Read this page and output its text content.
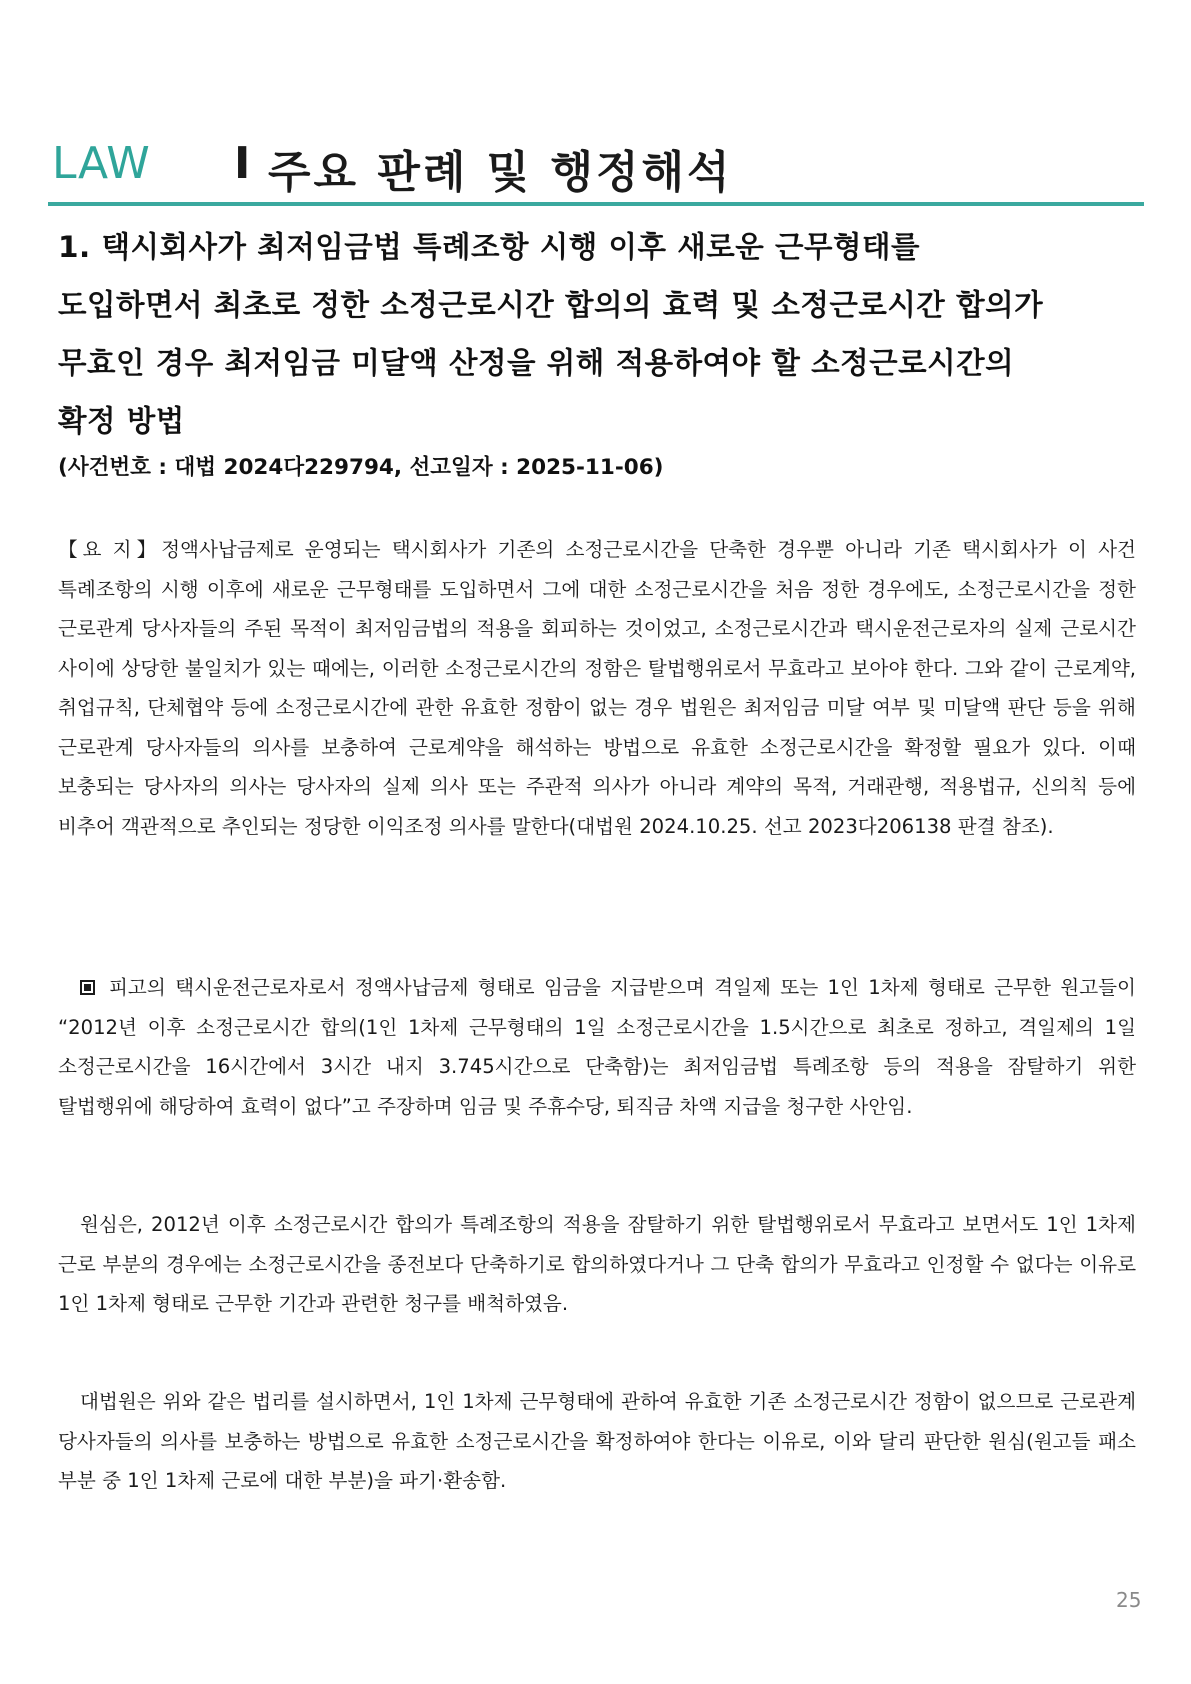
LAW I 주요 판례 및 행정해석
1. 택시회사가 최저임금법 특례조항 시행 이후 새로운 근무형태를
도입하면서 최초로 정한 소정근로시간 합의의 효력 및 소정근로시간 합의가
무효인 경우 최저임금 미달액 산정을 위해 적용하여야 할 소정근로시간의
확정 방법
(사건번호 : 대법 2024다229794, 선고일자 : 2025-11-06)

【요 지】정액사납금제로 운영되는 택시회사가 기존의 소정근로시간을 단축한 경우뿐 아니라 기존 택시회사가 이 사건 특례조항의 시행 이후에 새로운 근무형태를 도입하면서 그에 대한 소정근로시간을 처음 정한 경우에도, 소정근로시간을 정한 근로관계 당사자들의 주된 목적이 최저임금법의 적용을 회피하는 것이었고, 소정근로시간과 택시운전근로자의 실제 근로시간 사이에 상당한 불일치가 있는 때에는, 이러한 소정근로시간의 정함은 탈법행위로서 무효라고 보아야 한다. 그와 같이 근로계약, 취업규칙, 단체협약 등에 소정근로시간에 관한 유효한 정함이 없는 경우 법원은 최저임금 미달 여부 및 미달액 판단 등을 위해 근로관계 당사자들의 의사를 보충하여 근로계약을 해석하는 방법으로 유효한 소정근로시간을 확정할 필요가 있다. 이때 보충되는 당사자의 의사는 당사자의 실제 의사 또는 주관적 의사가 아니라 계약의 목적, 거래관행, 적용법규, 신의칙 등에 비추어 객관적으로 추인되는 정당한 이익조정 의사를 말한다(대법원 2024.10.25. 선고 2023다206138 판결 참조).

피고의 택시운전근로자로서 정액사납금제 형태로 임금을 지급받으며 격일제 또는 1인 1차제 형태로 근무한 원고들이 “2012년 이후 소정근로시간 합의(1인 1차제 근무형태의 1일 소정근로시간을 1.5시간으로 최초로 정하고, 격일제의 1일 소정근로시간을 16시간에서 3시간 내지 3.745시간으로 단축함)는 최저임금법 특례조항 등의 적용을 잠탈하기 위한 탈법행위에 해당하여 효력이 없다”고 주장하며 임금 및 주휴수당, 퇴직금 차액 지급을 청구한 사안임.

원심은, 2012년 이후 소정근로시간 합의가 특례조항의 적용을 잠탈하기 위한 탈법행위로서 무효라고 보면서도 1인 1차제 근로 부분의 경우에는 소정근로시간을 종전보다 단축하기로 합의하였다거나 그 단축 합의가 무효라고 인정할 수 없다는 이유로 1인 1차제 형태로 근무한 기간과 관련한 청구를 배척하였음.

대법원은 위와 같은 법리를 설시하면서, 1인 1차제 근무형태에 관하여 유효한 기존 소정근로시간 정함이 없으므로 근로관계 당사자들의 의사를 보충하는 방법으로 유효한 소정근로시간을 확정하여야 한다는 이유로, 이와 달리 판단한 원심(원고들 패소 부분 중 1인 1차제 근로에 대한 부분)을 파기·환송함.

25
